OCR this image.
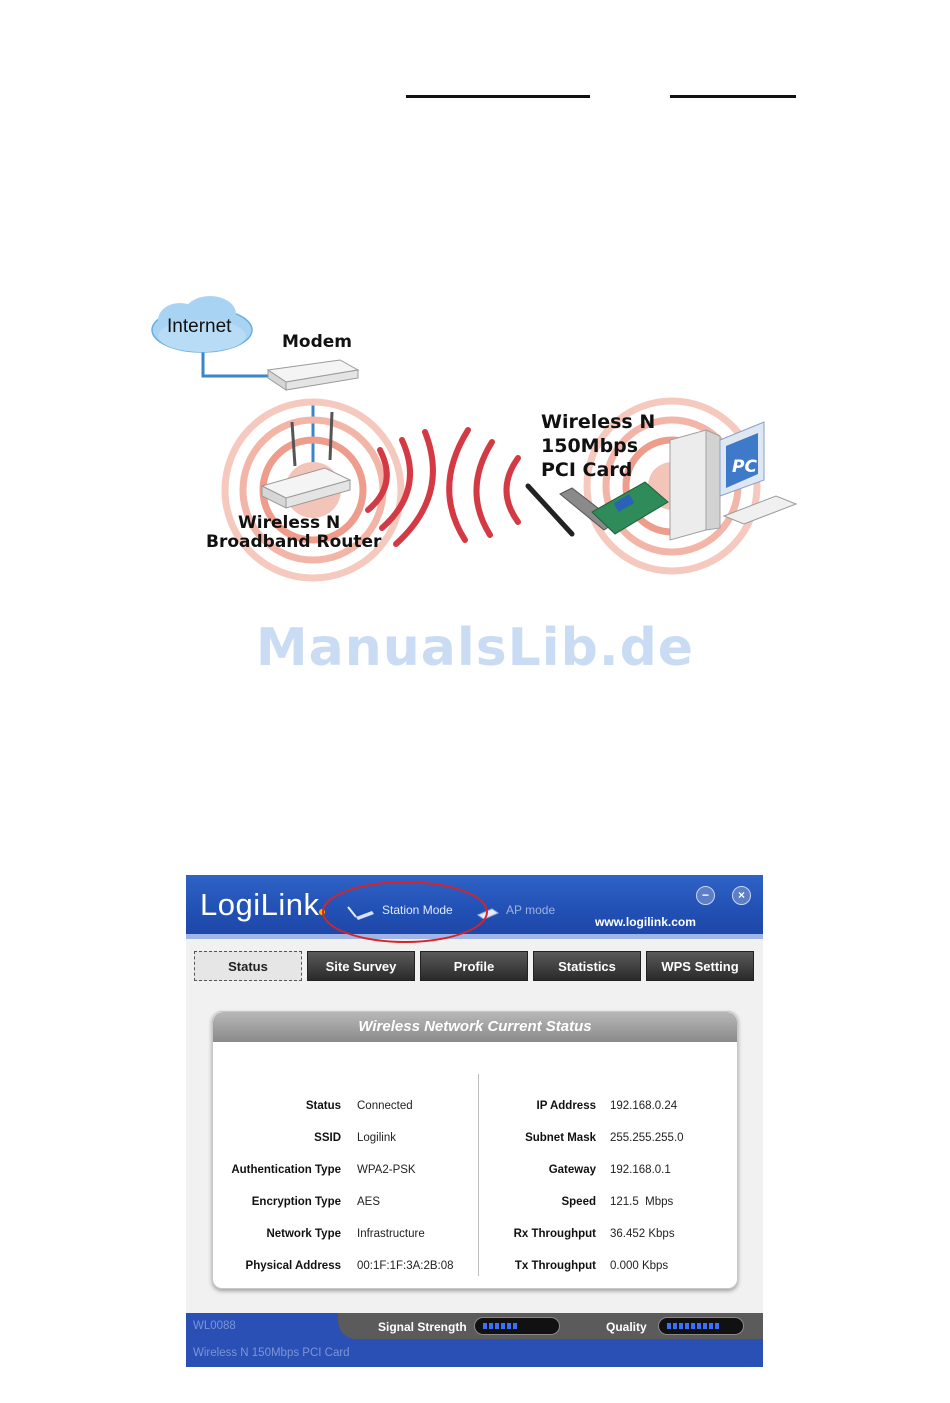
PC
Internet
Modem
Wireless N
Broadband Router
Wireless N
150Mbps
PCI Card
ManualsLib.de
LogiLink	Station Mode	AP mode
www.logilink.com
−	×
Status	Site Survey	Profile	Statistics	WPS Setting
Wireless Network Current Status
Status Connected
SSID Logilink
Authentication Type WPA2-PSK
Encryption Type AES
Network Type Infrastructure
Physical Address 00:1F:1F:3A:2B:08
IP Address 192.168.0.24
Subnet Mask 255.255.255.0
Gateway 192.168.0.1
Speed 121.5  Mbps
Rx Throughput 36.452 Kbps
Tx Throughput 0.000 Kbps
WL0088
Wireless N 150Mbps PCI Card
Signal Strength	Quality
